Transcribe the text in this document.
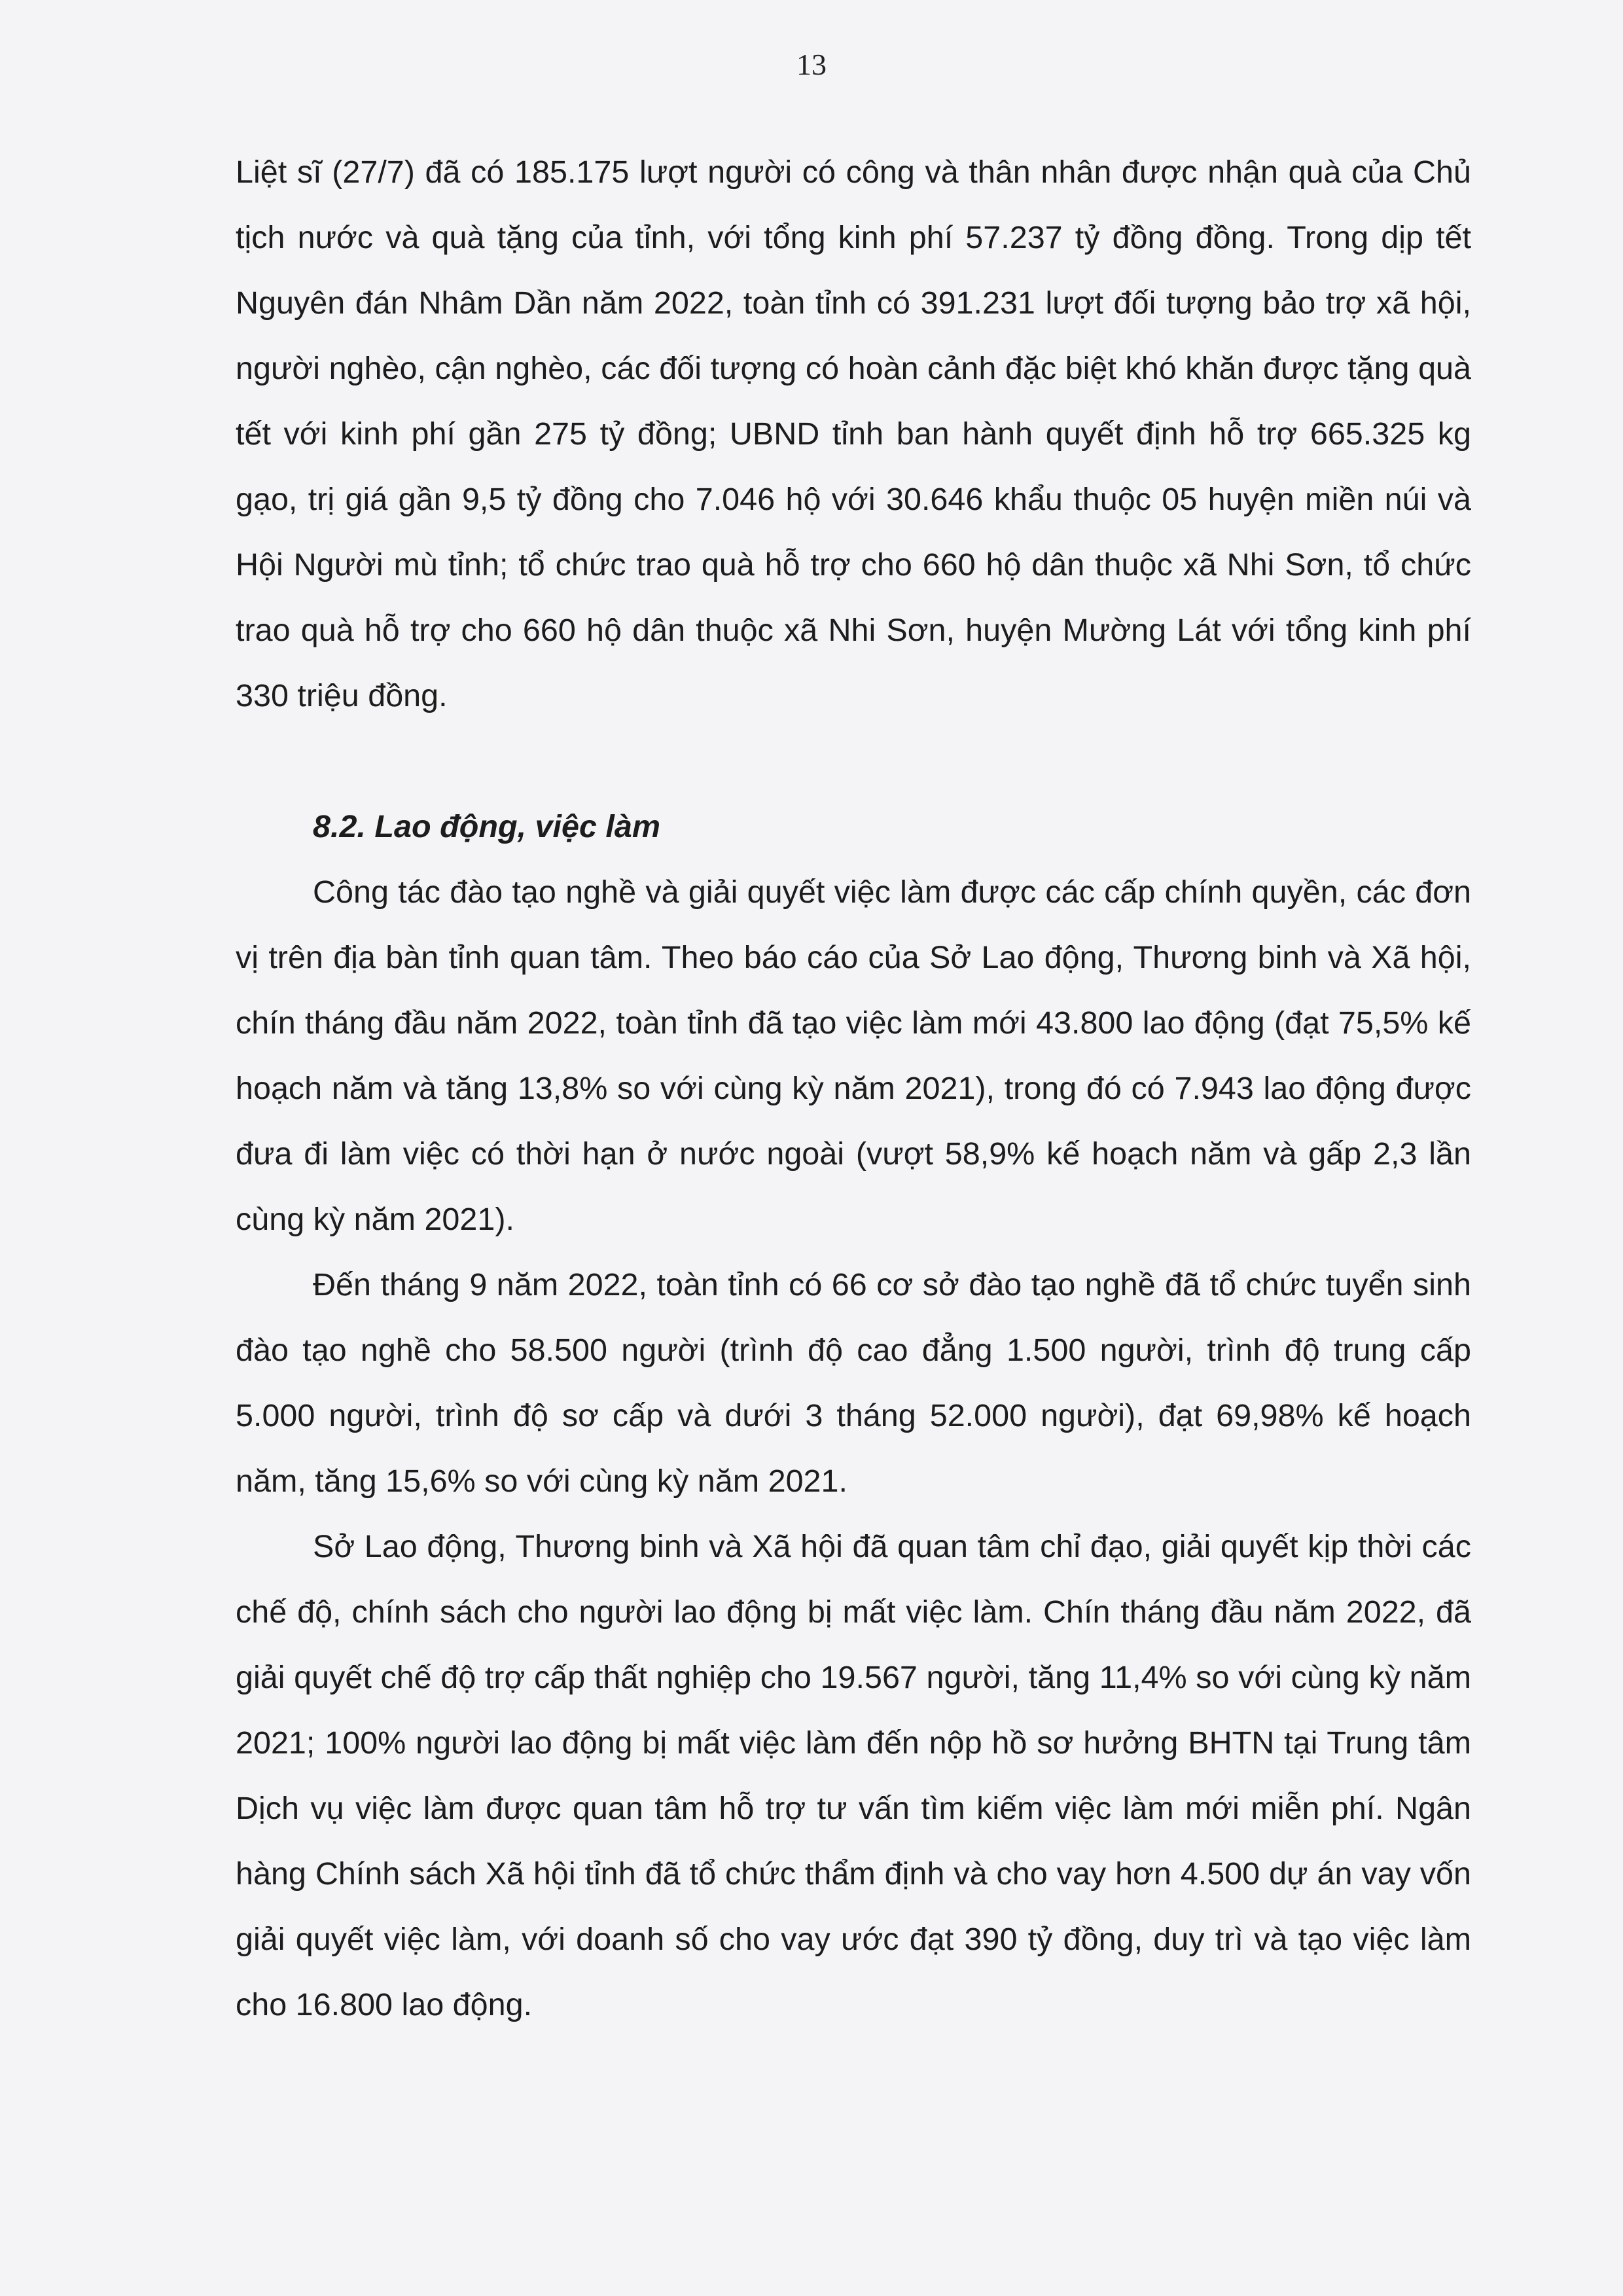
13

Liệt sĩ (27/7) đã có 185.175 lượt người có công và thân nhân được nhận quà của Chủ tịch nước và quà tặng của tỉnh, với tổng kinh phí 57.237 tỷ đồng đồng. Trong dịp tết Nguyên đán Nhâm Dần năm 2022, toàn tỉnh có 391.231 lượt đối tượng bảo trợ xã hội, người nghèo, cận nghèo, các đối tượng có hoàn cảnh đặc biệt khó khăn được tặng quà tết với kinh phí gần 275 tỷ đồng; UBND tỉnh ban hành quyết định hỗ trợ 665.325 kg gạo, trị giá gần 9,5 tỷ đồng cho 7.046 hộ với 30.646 khẩu thuộc 05 huyện miền núi và Hội Người mù tỉnh; tổ chức trao quà hỗ trợ cho 660 hộ dân thuộc xã Nhi Sơn, tổ chức trao quà hỗ trợ cho 660 hộ dân thuộc xã Nhi Sơn, huyện Mường Lát với tổng kinh phí 330 triệu đồng.

8.2. Lao động, việc làm

Công tác đào tạo nghề và giải quyết việc làm được các cấp chính quyền, các đơn vị trên địa bàn tỉnh quan tâm. Theo báo cáo của Sở Lao động, Thương binh và Xã hội, chín tháng đầu năm 2022, toàn tỉnh đã tạo việc làm mới 43.800 lao động (đạt 75,5% kế hoạch năm và tăng 13,8% so với cùng kỳ năm 2021), trong đó có 7.943 lao động được đưa đi làm việc có thời hạn ở nước ngoài (vượt 58,9% kế hoạch năm và gấp 2,3 lần cùng kỳ năm 2021).

Đến tháng 9 năm 2022, toàn tỉnh có 66 cơ sở đào tạo nghề đã tổ chức tuyển sinh đào tạo nghề cho 58.500 người (trình độ cao đẳng 1.500 người, trình độ trung cấp 5.000 người, trình độ sơ cấp và dưới 3 tháng 52.000 người), đạt 69,98% kế hoạch năm, tăng 15,6% so với cùng kỳ năm 2021.

Sở Lao động, Thương binh và Xã hội đã quan tâm chỉ đạo, giải quyết kịp thời các chế độ, chính sách cho người lao động bị mất việc làm. Chín tháng đầu năm 2022, đã giải quyết chế độ trợ cấp thất nghiệp cho 19.567 người, tăng 11,4% so với cùng kỳ năm 2021; 100% người lao động bị mất việc làm đến nộp hồ sơ hưởng BHTN tại Trung tâm Dịch vụ việc làm được quan tâm hỗ trợ tư vấn tìm kiếm việc làm mới miễn phí. Ngân hàng Chính sách Xã hội tỉnh đã tổ chức thẩm định và cho vay hơn 4.500 dự án vay vốn giải quyết việc làm, với doanh số cho vay ước đạt 390 tỷ đồng, duy trì và tạo việc làm cho 16.800 lao động.
